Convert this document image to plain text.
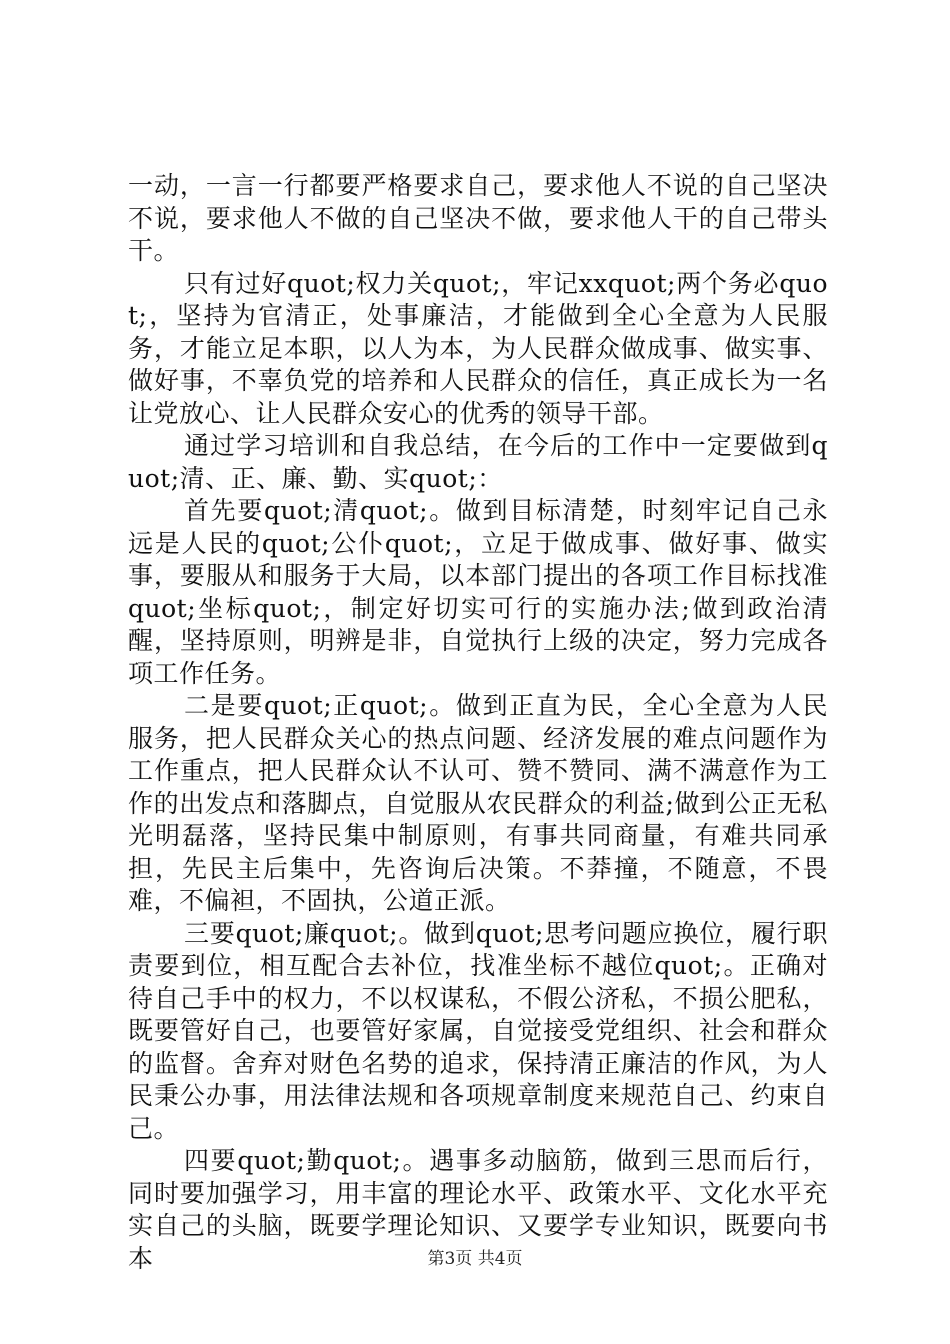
一动，一言一行都要严格要求自己，要求他人不说的自己坚决不说，要求他人不做的自己坚决不做，要求他人干的自己带头干。

只有过好quot;权力关quot;，牢记xxquot;两个务必quot;，坚持为官清正，处事廉洁，才能做到全心全意为人民服务，才能立足本职，以人为本，为人民群众做成事、做实事、做好事，不辜负党的培养和人民群众的信任，真正成长为一名让党放心、让人民群众安心的优秀的领导干部。

通过学习培训和自我总结，在今后的工作中一定要做到quot;清、正、廉、勤、实quot;：

首先要quot;清quot;。做到目标清楚，时刻牢记自己永远是人民的quot;公仆quot;，立足于做成事、做好事、做实事，要服从和服务于大局，以本部门提出的各项工作目标找准quot;坐标quot;，制定好切实可行的实施办法;做到政治清醒，坚持原则，明辨是非，自觉执行上级的决定，努力完成各项工作任务。

二是要quot;正quot;。做到正直为民，全心全意为人民服务，把人民群众关心的热点问题、经济发展的难点问题作为工作重点，把人民群众认不认可、赞不赞同、满不满意作为工作的出发点和落脚点，自觉服从农民群众的利益;做到公正无私光明磊落，坚持民集中制原则，有事共同商量，有难共同承担，先民主后集中，先咨询后决策。不莽撞，不随意，不畏难，不偏袒，不固执，公道正派。

三要quot;廉quot;。做到quot;思考问题应换位，履行职责要到位，相互配合去补位，找准坐标不越位quot;。正确对待自己手中的权力，不以权谋私，不假公济私，不损公肥私，既要管好自己，也要管好家属，自觉接受党组织、社会和群众的监督。舍弃对财色名势的追求，保持清正廉洁的作风，为人民秉公办事，用法律法规和各项规章制度来规范自己、约束自己。

四要quot;勤quot;。遇事多动脑筋，做到三思而后行，同时要加强学习，用丰富的理论水平、政策水平、文化水平充实自己的头脑，既要学理论知识、又要学专业知识，既要向书本	第3页 共4页
